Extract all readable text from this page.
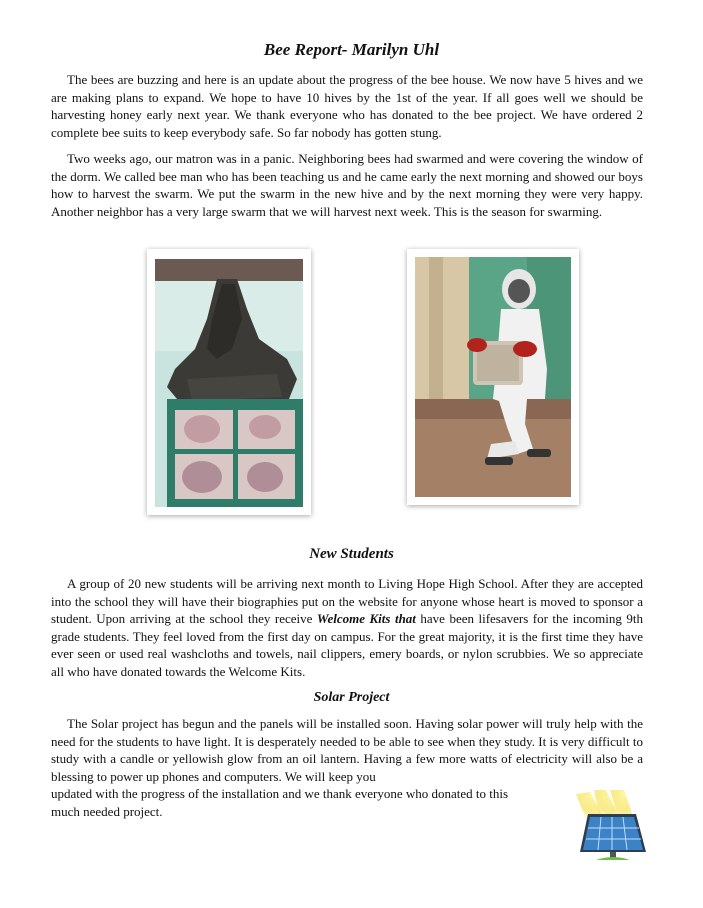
Bee Report- Marilyn Uhl

The bees are buzzing and here is an update about the progress of the bee house. We now have 5 hives and we are making plans to expand. We hope to have 10 hives by the 1st of the year. If all goes well we should be harvesting honey early next year. We thank everyone who has donated to the bee project. We have ordered 2 complete bee suits to keep everybody safe. So far nobody has gotten stung.

Two weeks ago, our matron was in a panic. Neighboring bees had swarmed and were covering the window of the dorm. We called bee man who has been teaching us and he came early the next morning and showed our boys how to harvest the swarm. We put the swarm in the new hive and by the next morning they were very happy. Another neighbor has a very large swarm that we will harvest next week. This is the season for swarming.

New Students

A group of 20 new students will be arriving next month to Living Hope High School. After they are accepted into the school they will have their biographies put on the website for anyone whose heart is moved to sponsor a student. Upon arriving at the school they receive Welcome Kits that have been lifesavers for the incoming 9th grade students. They feel loved from the first day on campus. For the great majority, it is the first time they have ever seen or used real washcloths and towels, nail clippers, emery boards, or nylon scrubbies. We so appreciate all who have donated towards the Welcome Kits.

Solar Project

The Solar project has begun and the panels will be installed soon. Having solar power will truly help with the need for the students to have light. It is desperately needed to be able to see when they study. It is very difficult to study with a candle or yellowish glow from an oil lantern. Having a few more watts of electricity will also be a blessing to power up phones and computers. We will keep you

updated with the progress of the installation and we thank everyone who donated to this
much needed project.
